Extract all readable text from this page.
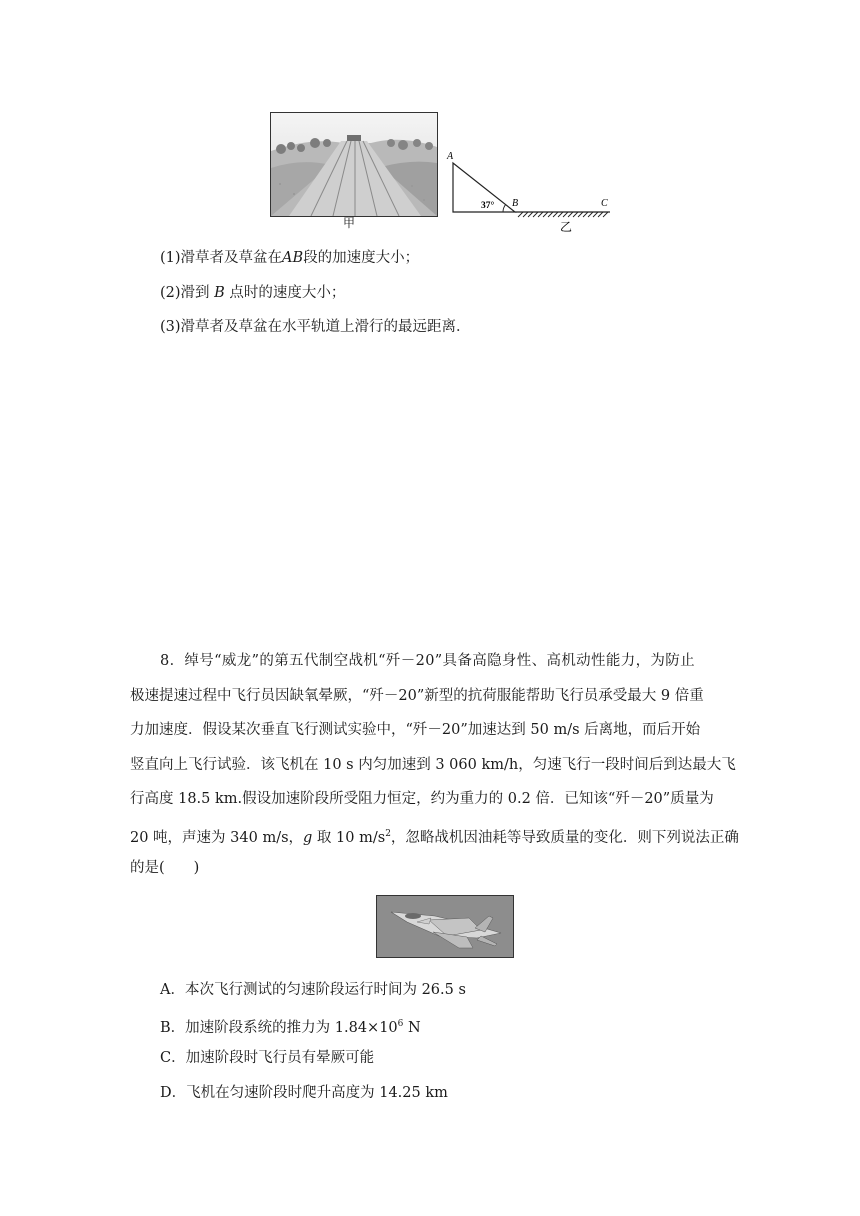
甲
A
B	C
37°
乙
(1)滑草者及草盆在AB段的加速度大小；
(2)滑到 B 点时的速度大小；
(3)滑草者及草盆在水平轨道上滑行的最远距离．
8．绰号“威龙”的第五代制空战机“歼－20”具备高隐身性、高机动性能力，为防止
极速提速过程中飞行员因缺氧晕厥，“歼－20”新型的抗荷服能帮助飞行员承受最大 9 倍重
力加速度．假设某次垂直飞行测试实验中，“歼－20”加速达到 50 m/s 后离地，而后开始
竖直向上飞行试验．该飞机在 10 s 内匀加速到 3 060 km/h，匀速飞行一段时间后到达最大飞
行高度 18.5 km.假设加速阶段所受阻力恒定，约为重力的 0.2 倍．已知该“歼－20”质量为
20 吨，声速为 340 m/s，g 取 10 $m/s^2$，忽略战机因油耗等导致质量的变化．则下列说法正确
的是(　　)
A．本次飞行测试的匀速阶段运行时间为 26.5 s
B．加速阶段系统的推力为 $1.84\times 10^6$ N
C．加速阶段时飞行员有晕厥可能
D．飞机在匀速阶段时爬升高度为 14.25 km
